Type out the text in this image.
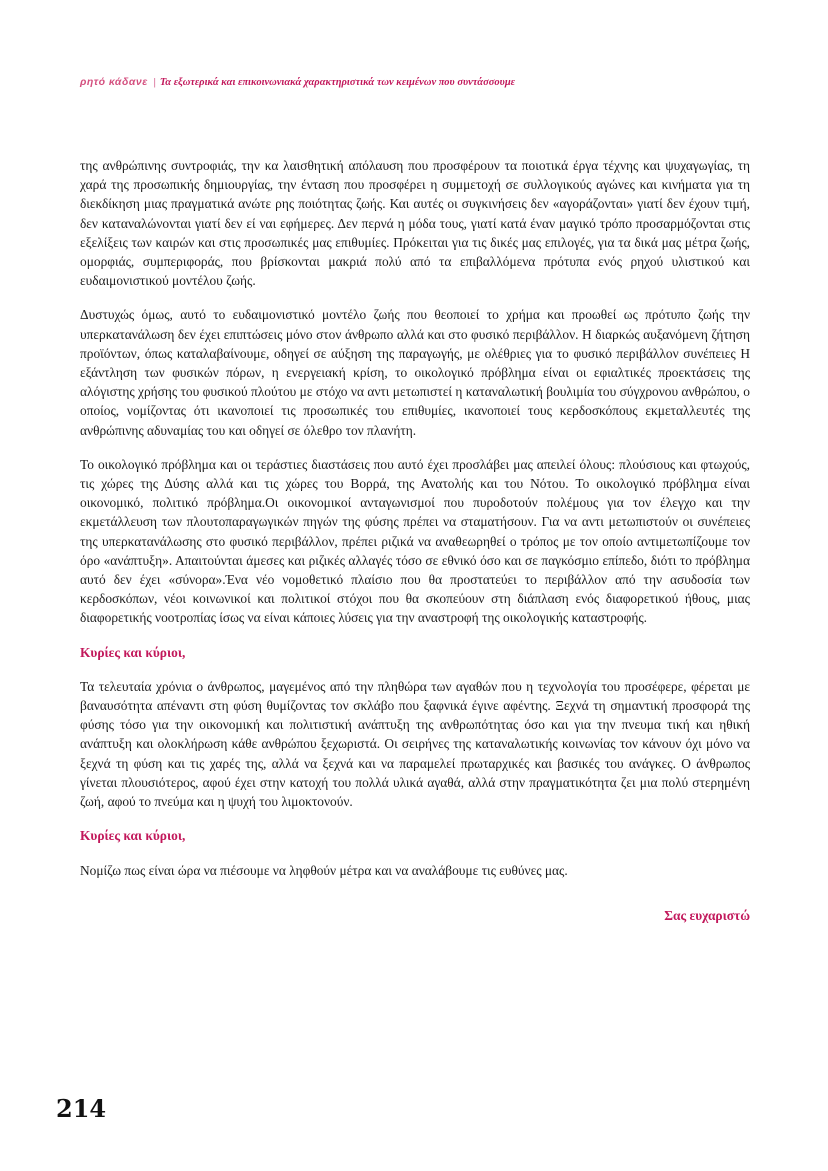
ρητό κάδανε | Τα εξωτερικά και επικοινωνιακά χαρακτηριστικά των κειμένων που συντάσσουμε

της ανθρώπινης συντροφιάς, την κα λαισθητική απόλαυση που προσφέρουν τα ποιοτικά έργα τέχνης και ψυχαγωγίας, τη χαρά της προσωπικής δημιουργίας, την ένταση που προσφέρει η συμμετοχή σε συλλογικούς αγώνες και κινήματα για τη διεκδίκηση μιας πραγματικά ανώτε ρης ποιότητας ζωής. Και αυτές οι συγκινήσεις δεν «αγοράζονται» γιατί δεν έχουν τιμή, δεν καταναλώνονται γιατί δεν εί ναι εφήμερες. Δεν περνά η μόδα τους, γιατί κατά έναν μαγικό τρόπο προσαρμόζονται στις εξελίξεις των καιρών και στις προσωπικές μας επιθυμίες. Πρόκειται για τις δικές μας επιλογές, για τα δικά μας μέτρα ζωής, ομορφιάς, συμπεριφοράς, που βρίσκονται μακριά πολύ από τα επιβαλλόμενα πρότυπα ενός ρηχού υλιστικού και ευδαιμονιστικού μοντέλου ζωής.

Δυστυχώς όμως, αυτό το ευδαιμονιστικό μοντέλο ζωής που θεοποιεί το χρήμα και προωθεί ως πρότυπο ζωής την υπερκατανάλωση δεν έχει επιπτώσεις μόνο στον άνθρωπο αλλά και στο φυσικό περιβάλλον. Η διαρκώς αυξανόμενη ζήτηση προϊόντων, όπως καταλαβαίνουμε, οδηγεί σε αύξηση της παραγωγής, με ολέθριες για το φυσικό περιβάλλον συνέπειες Η εξάντληση των φυσικών πόρων, η ενεργειακή κρίση, το οικολογικό πρόβλημα είναι οι εφιαλτικές προεκτάσεις της αλόγιστης χρήσης του φυσικού πλούτου με στόχο να αντι μετωπιστεί η καταναλωτική βουλιμία του σύγχρονου ανθρώπου, ο οποίος, νομίζοντας ότι ικανοποιεί τις προσωπικές του επιθυμίες, ικανοποιεί τους κερδοσκόπους εκμεταλλευτές της ανθρώπινης αδυναμίας του και οδηγεί σε όλεθρο τον πλανήτη.

Το οικολογικό πρόβλημα και οι τεράστιες διαστάσεις που αυτό έχει προσλάβει μας απειλεί όλους: πλούσιους και φτωχούς, τις χώρες της Δύσης αλλά και τις χώρες του Βορρά, της Ανατολής και του Νότου. Το οικολογικό πρόβλημα είναι οικονομικό, πολιτικό πρόβλημα.Οι οικονομικοί ανταγωνισμοί που πυροδοτούν πολέμους για τον έλεγχο και την εκμετάλλευση των πλουτοπαραγωγικών πηγών της φύσης πρέπει να σταματήσουν. Για να αντι μετωπιστούν οι συνέπειες της υπερκατανάλωσης στο φυσικό περιβάλλον, πρέπει ριζικά να αναθεωρηθεί ο τρόπος με τον οποίο αντιμετωπίζουμε τον όρο «ανάπτυξη». Απαιτούνται άμεσες και ριζικές αλλαγές τόσο σε εθνικό όσο και σε παγκόσμιο επίπεδο, διότι το πρόβλημα αυτό δεν έχει «σύνορα».Ένα νέο νομοθετικό πλαίσιο που θα προστατεύει το περιβάλλον από την ασυδοσία των κερδοσκόπων, νέοι κοινωνικοί και πολιτικοί στόχοι που θα σκοπεύουν στη διάπλαση ενός διαφορετικού ήθους, μιας διαφορετικής νοοτροπίας ίσως να είναι κάποιες λύσεις για την αναστροφή της οικολογικής καταστροφής.

Κυρίες και κύριοι,

Τα τελευταία χρόνια ο άνθρωπος, μαγεμένος από την πληθώρα των αγαθών που η τεχνολογία του προσέφερε, φέρεται με βαναυσότητα απέναντι στη φύση θυμίζοντας τον σκλάβο που ξαφνικά έγινε αφέντης. Ξεχνά τη σημαντική προσφορά της φύσης τόσο για την οικονομική και πολιτιστική ανάπτυξη της ανθρωπότητας όσο και για την πνευμα τική και ηθική ανάπτυξη και ολοκλήρωση κάθε ανθρώπου ξεχωριστά. Οι σειρήνες της καταναλωτικής κοινωνίας τον κάνουν όχι μόνο να ξεχνά τη φύση και τις χαρές της, αλλά να ξεχνά και να παραμελεί πρωταρχικές και βασικές του ανάγκες. Ο άνθρωπος γίνεται πλουσιότερος, αφού έχει στην κατοχή του πολλά υλικά αγαθά, αλλά στην πραγματικότητα ζει μια πολύ στερημένη ζωή, αφού το πνεύμα και η ψυχή του λιμοκτονούν.

Κυρίες και κύριοι,

Νομίζω πως είναι ώρα να πιέσουμε να ληφθούν μέτρα και να αναλάβουμε τις ευθύνες μας.

Σας ευχαριστώ

214
